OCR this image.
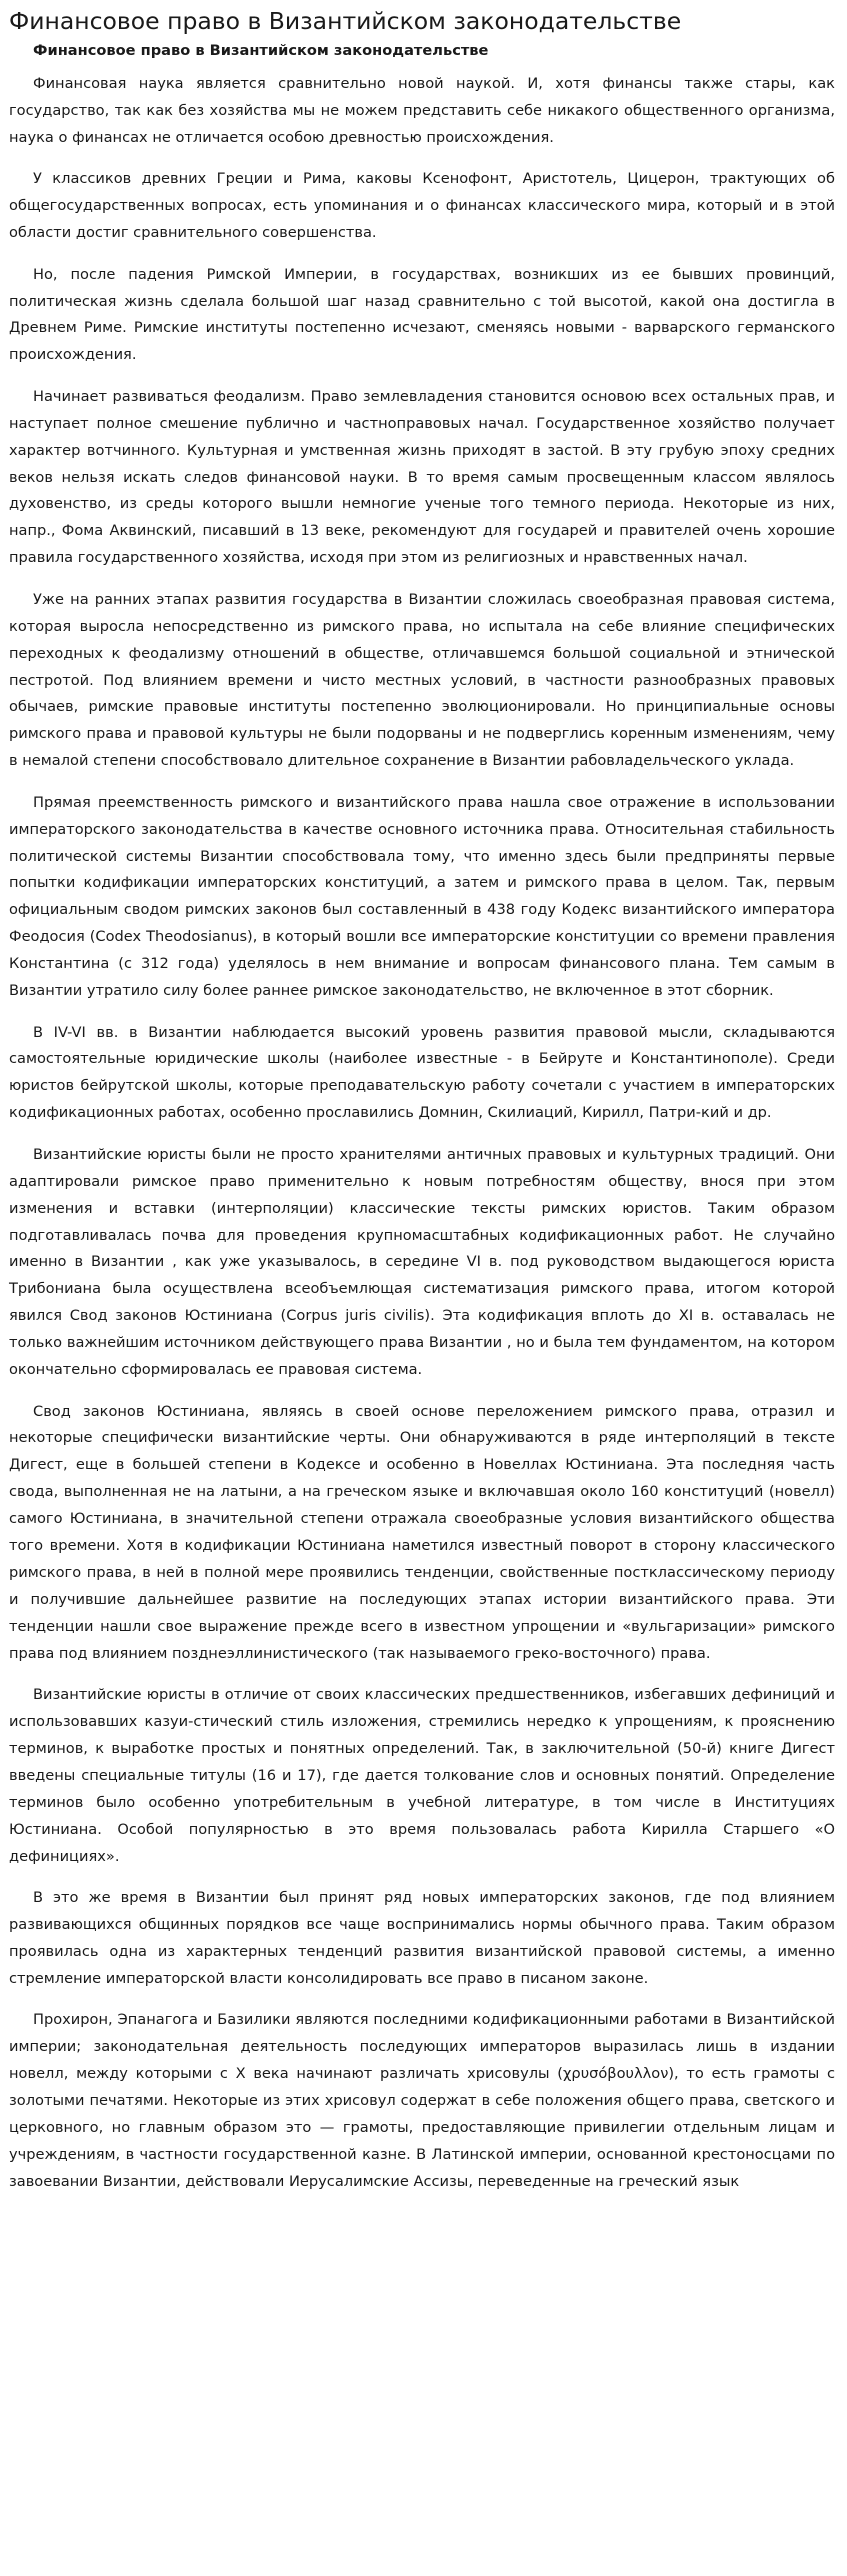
Финансовое право в Византийском законодательстве
Финансовое право в Византийском законодательстве

Финансовая наука является сравнительно новой наукой. И, хотя финансы также стары, как государство, так как без хозяйства мы не можем представить себе никакого общественного организма, наука о финансах не отличается особою древностью происхождения.

У классиков древних Греции и Рима, каковы Ксенофонт, Аристотель, Цицерон, трактующих об общегосударственных вопросах, есть упоминания и о финансах классического мира, который и в этой области достиг сравнительного совершенства.

Но, после падения Римской Империи, в государствах, возникших из ее бывших провинций, политическая жизнь сделала большой шаг назад сравнительно с той высотой, какой она достигла в Древнем Риме. Римские институты постепенно исчезают, сменяясь новыми - варварского германского происхождения.

Начинает развиваться феодализм. Право землевладения становится основою всех остальных прав, и наступает полное смешение публично и частноправовых начал. Государственное хозяйство получает характер вотчинного. Культурная и умственная жизнь приходят в застой. В эту грубую эпоху средних веков нельзя искать следов финансовой науки. В то время самым просвещенным классом являлось духовенство, из среды которого вышли немногие ученые того темного периода. Некоторые из них, напр., Фома Аквинский, писавший в 13 веке, рекомендуют для государей и правителей очень хорошие правила государственного хозяйства, исходя при этом из религиозных и нравственных начал.

Уже на ранних этапах развития государства в Византии сложилась своеобразная правовая система, которая выросла непосредственно из римского права, но испытала на себе влияние специфических переходных к феодализму отношений в обществе, отличавшемся большой социальной и этнической пестротой. Под влиянием времени и чисто местных условий, в частности разнообразных правовых обычаев, римские правовые институты постепенно эволюционировали. Но принципиальные основы римского права и правовой культуры не были подорваны и не подверглись коренным изменениям, чему в немалой степени способствовало длительное сохранение в Византии рабовладельческого уклада.

Прямая преемственность римского и византийского права нашла свое отражение в использовании императорского законодательства в качестве основного источника права. Относительная стабильность политической системы Византии способствовала тому, что именно здесь были предприняты первые попытки кодификации императорских конституций, а затем и римского права в целом. Так, первым официальным сводом римских законов был составленный в 438 году Кодекс византийского императора Феодосия (Codex Theodosianus), в который вошли все императорские конституции со времени правления Константина (с 312 года) уделялось в нем внимание и вопросам финансового плана. Тем самым в Византии утратило силу более раннее римское законодательство, не включенное в этот сборник.

В IV-VI вв. в Византии наблюдается высокий уровень развития правовой мысли, складываются самостоятельные юридические школы (наиболее известные - в Бейруте и Константинополе). Среди юристов бейрутской школы, которые преподавательскую работу сочетали с участием в императорских кодификационных работах, особенно прославились Домнин, Скилиаций, Кирилл, Патри-кий и др.

Византийские юристы были не просто хранителями античных правовых и культурных традиций. Они адаптировали римское право применительно к новым потребностям обществу, внося при этом изменения и вставки (интерполяции) классические тексты римских юристов. Таким образом подготавливалась почва для проведения крупномасштабных кодификационных работ. Не случайно именно в Византии , как уже указывалось, в середине VI в. под руководством выдающегося юриста Трибониана была осуществлена всеобъемлющая систематизация римского права, итогом которой явился Свод законов Юстиниана (Corpus juris civilis). Эта кодификация вплоть до XI в. оставалась не только важнейшим источником действующего права Византии , но и была тем фундаментом, на котором окончательно сформировалась ее правовая система.

Свод законов Юстиниана, являясь в своей основе переложением римского права, отразил и некоторые специфически византийские черты. Они обнаруживаются в ряде интерполяций в тексте Дигест, еще в большей степени в Кодексе и особенно в Новеллах Юстиниана. Эта последняя часть свода, выполненная не на латыни, а на греческом языке и включавшая около 160 конституций (новелл) самого Юстиниана, в значительной степени отражала своеобразные условия византийского общества того времени. Хотя в кодификации Юстиниана наметился известный поворот в сторону классического римского права, в ней в полной мере проявились тенденции, свойственные постклассическому периоду и получившие дальнейшее развитие на последующих этапах истории византийского права. Эти тенденции нашли свое выражение прежде всего в известном упрощении и «вульгаризации» римского права под влиянием позднеэллинистического (так называемого греко-восточного) права.

Византийские юристы в отличие от своих классических предшественников, избегавших дефиниций и использовавших казуи-стический стиль изложения, стремились нередко к упрощениям, к прояснению терминов, к выработке простых и понятных определений. Так, в заключительной (50-й) книге Дигест введены специальные титулы (16 и 17), где дается толкование слов и основных понятий. Определение терминов было особенно употребительным в учебной литературе, в том числе в Институциях Юстиниана. Особой популярностью в это время пользовалась работа Кирилла Старшего «О дефинициях».

В это же время в Византии был принят ряд новых императорских законов, где под влиянием развивающихся общинных порядков все чаще воспринимались нормы обычного права. Таким образом проявилась одна из характерных тенденций развития византийской правовой системы, а именно стремление императорской власти консолидировать все право в писаном законе.

Прохирон, Эпанагога и Базилики являются последними кодификационными работами в Византийской империи; законодательная деятельность последующих императоров выразилась лишь в издании новелл, между которыми с X века начинают различать хрисовулы (χρυσόβουλλον), то есть грамоты с золотыми печатями. Некоторые из этих хрисовул содержат в себе положения общего права, светского и церковного, но главным образом это — грамоты, предоставляющие привилегии отдельным лицам и учреждениям, в частности государственной казне. В Латинской империи, основанной крестоносцами по завоевании Византии, действовали Иерусалимские Ассизы, переведенные на греческий язык
